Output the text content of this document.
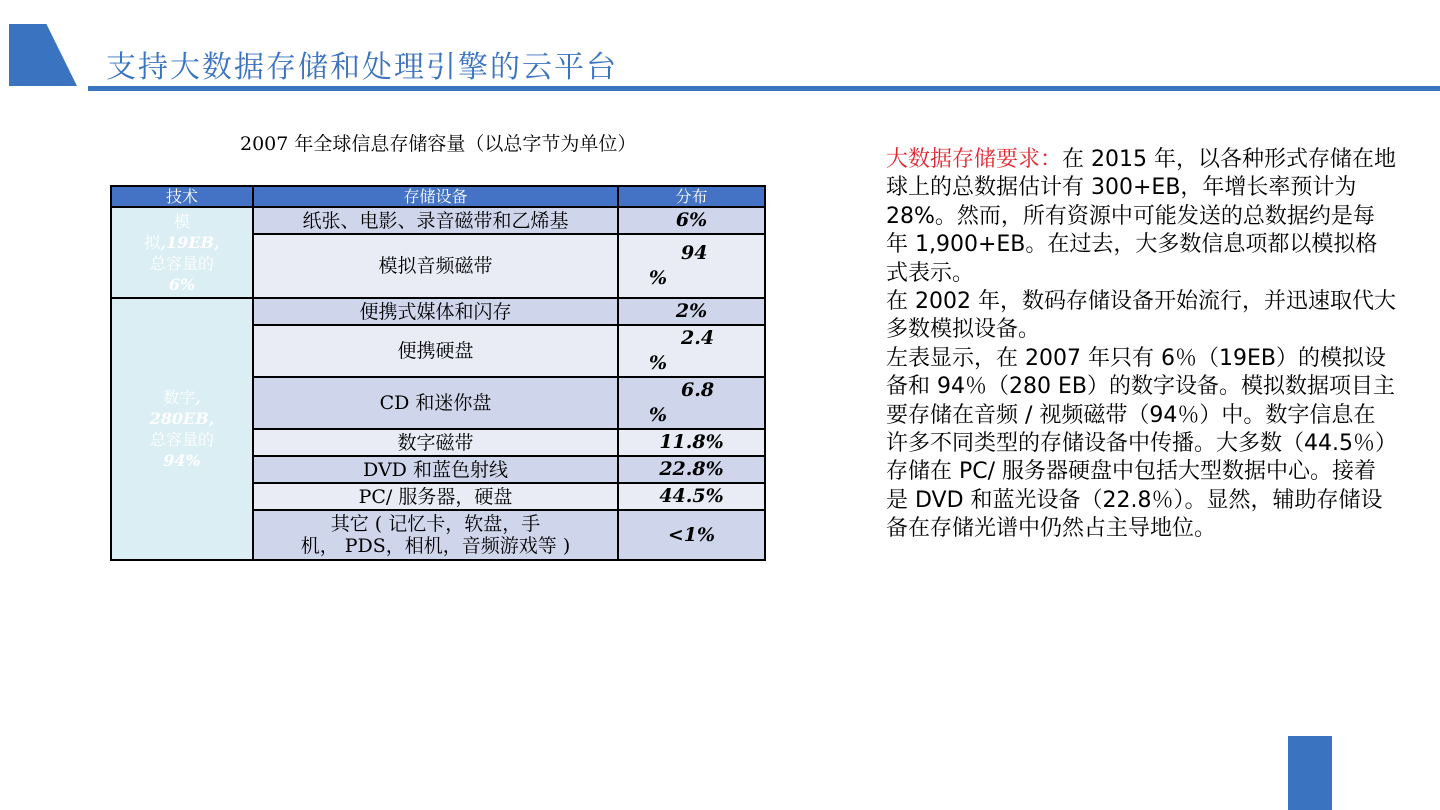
支持大数据存储和处理引擎的云平台
2007 年全球信息存储容量（以总字节为单位）
技术	存储设备	分布

模
拟,19EB,
总容量的
6%	纸张、电影、录音磁带和乙烯基	6%
	模拟音频磁带	94
%

数字,
280EB,
总容量的
94%	便携式媒体和闪存	2%
	便携硬盘	2.4
%

	CD 和迷你盘	6.8
%

	数字磁带	11.8%
	DVD 和蓝色射线	22.8%
	PC/ 服务器，硬盘	44.5%

	其它 ( 记忆卡，软盘，手
机， PDS，相机，音频游戏等 )	<1%

大数据存储要求：在 2015 年，以各种形式存储在地球上的总数据估计有 300+EB，年增长率预计为 28%。然而，所有资源中可能发送的总数据约是每年 1,900+EB。在过去，大多数信息项都以模拟格式表示。

在 2002 年，数码存储设备开始流行，并迅速取代大多数模拟设备。

左表显示，在 2007 年只有 6％（19EB）的模拟设备和 94％（280 EB）的数字设备。模拟数据项目主要存储在音频 / 视频磁带（94％）中。数字信息在许多不同类型的存储设备中传播。大多数（44.5％）存储在 PC/ 服务器硬盘中包括大型数据中心。接着是 DVD 和蓝光设备（22.8％）。显然，辅助存储设备在存储光谱中仍然占主导地位。
